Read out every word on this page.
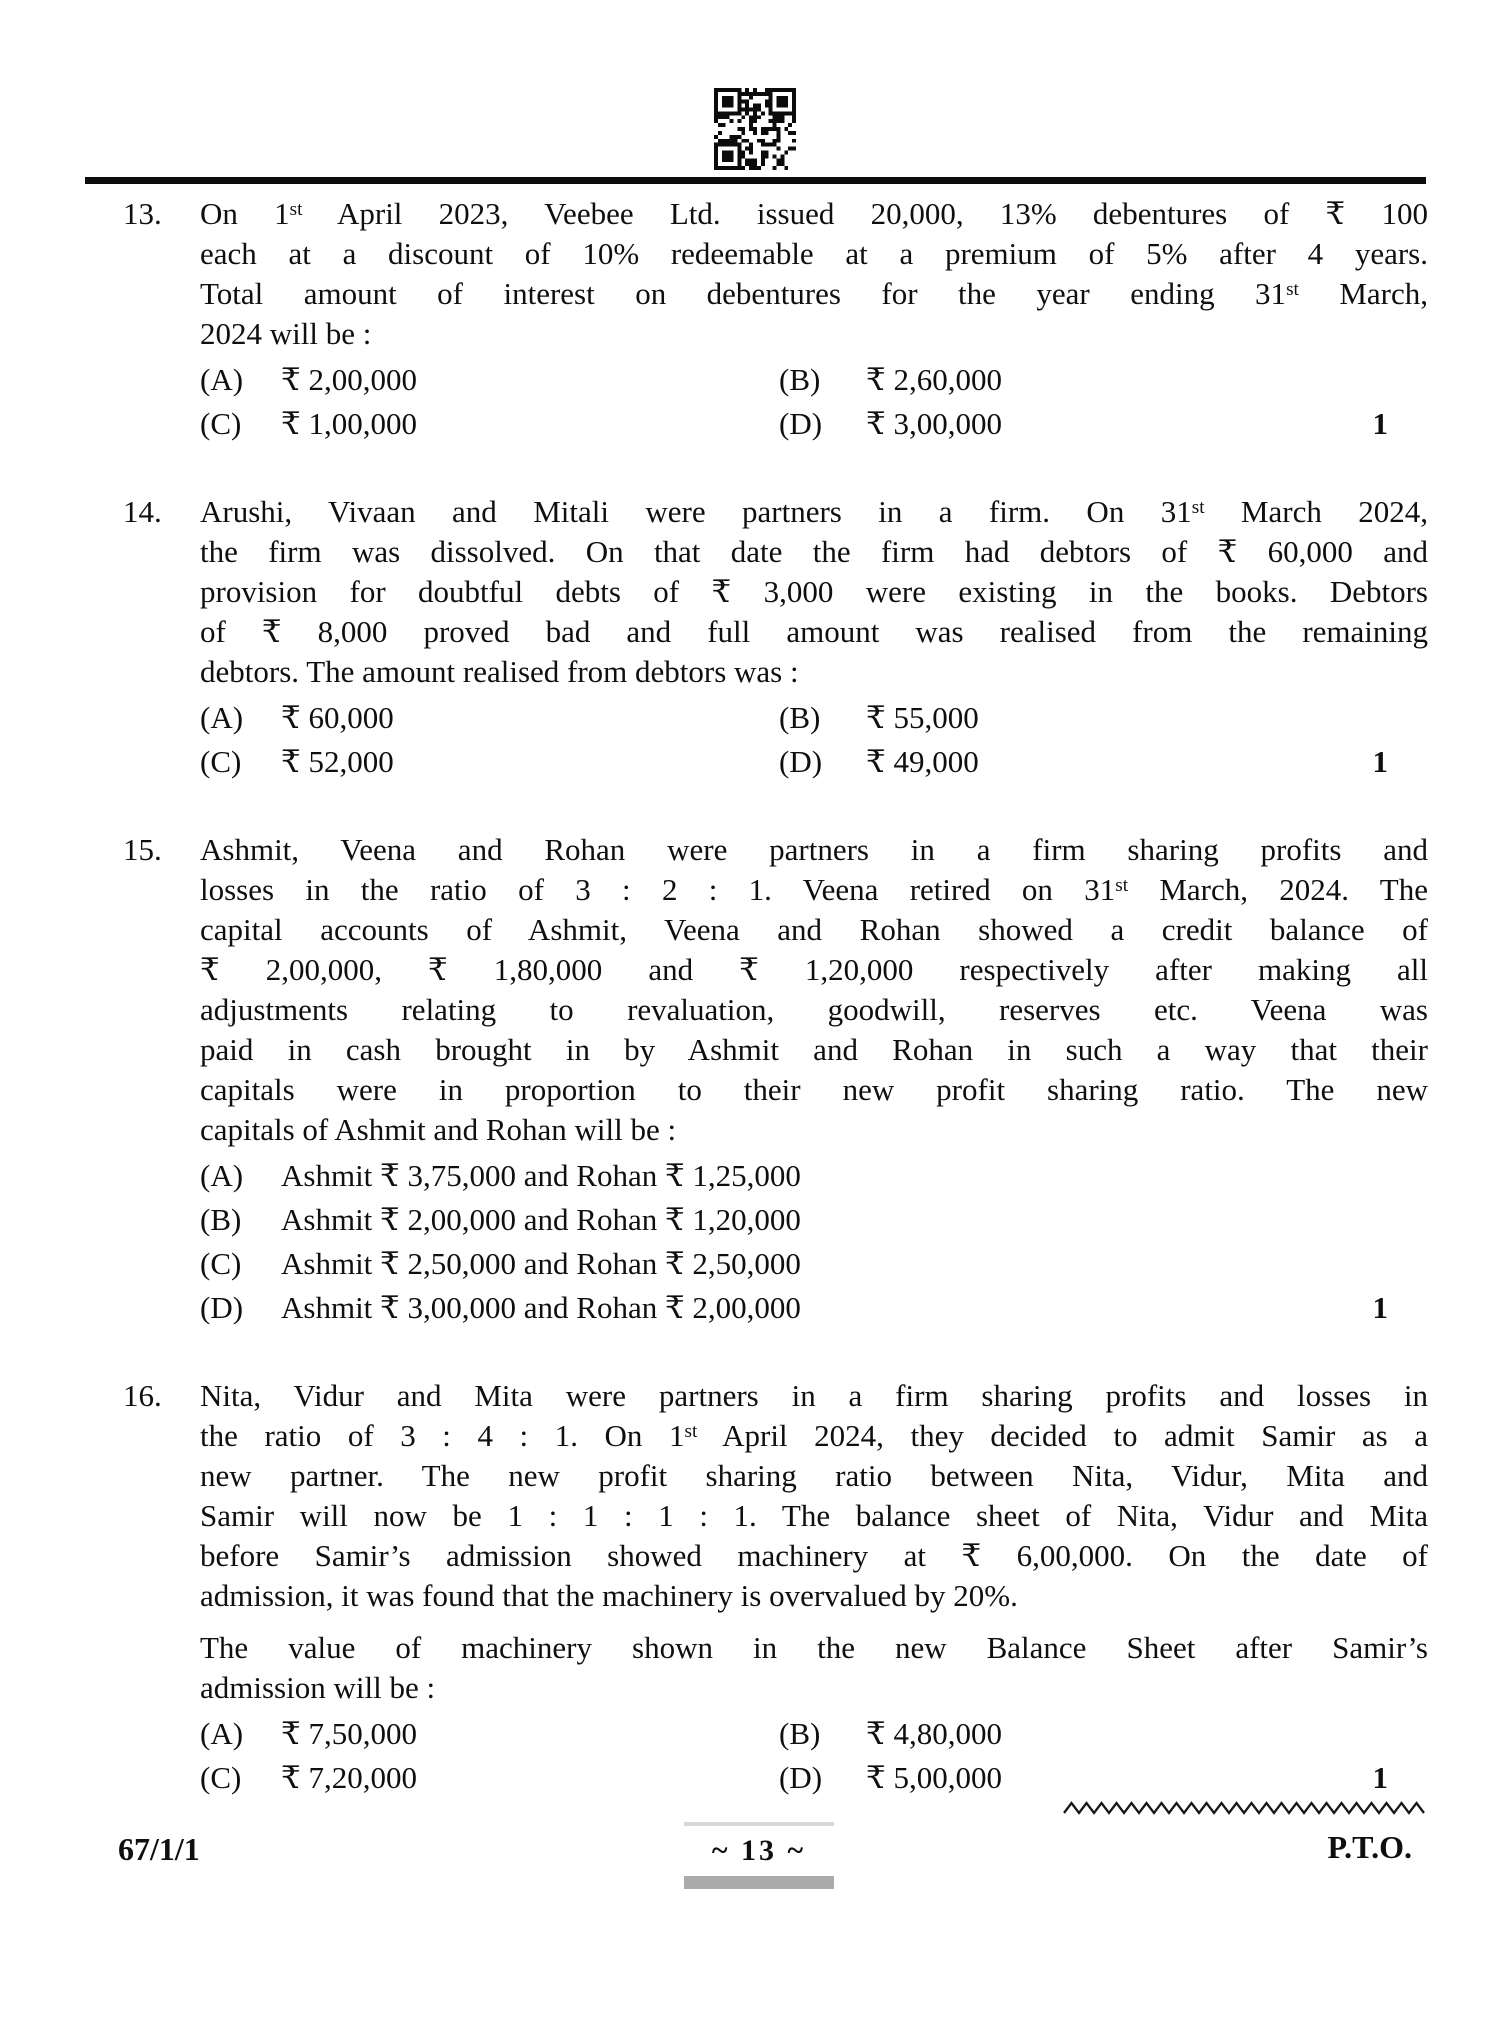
13.	On 1st April 2023, Veebee Ltd. issued 20,000, 13% debentures of ₹ 100
each at a discount of 10% redeemable at a premium of 5% after 4 years.
Total amount of interest on debentures for the year ending 31st March,
2024 will be :
(A)	₹ 2,00,000	(B)	₹ 2,60,000
(C)	₹ 1,00,000	(D)	₹ 3,00,000	1
14.	Arushi, Vivaan and Mitali were partners in a firm. On 31st March 2024,
the firm was dissolved. On that date the firm had debtors of ₹ 60,000 and
provision for doubtful debts of ₹ 3,000 were existing in the books. Debtors
of ₹ 8,000 proved bad and full amount was realised from the remaining
debtors. The amount realised from debtors was :
(A)	₹ 60,000	(B)	₹ 55,000
(C)	₹ 52,000	(D)	₹ 49,000	1
15.	Ashmit, Veena and Rohan were partners in a firm sharing profits and
losses in the ratio of 3 : 2 : 1. Veena retired on 31st March, 2024. The
capital accounts of Ashmit, Veena and Rohan showed a credit balance of
₹ 2,00,000, ₹ 1,80,000 and ₹ 1,20,000 respectively after making all
adjustments relating to revaluation, goodwill, reserves etc. Veena was
paid in cash brought in by Ashmit and Rohan in such a way that their
capitals were in proportion to their new profit sharing ratio. The new
capitals of Ashmit and Rohan will be :
(A)	Ashmit ₹ 3,75,000 and Rohan ₹ 1,25,000
(B)	Ashmit ₹ 2,00,000 and Rohan ₹ 1,20,000
(C)	Ashmit ₹ 2,50,000 and Rohan ₹ 2,50,000
(D)	Ashmit ₹ 3,00,000 and Rohan ₹ 2,00,000	1
16.	Nita, Vidur and Mita were partners in a firm sharing profits and losses in
the ratio of 3 : 4 : 1. On 1st April 2024, they decided to admit Samir as a
new partner. The new profit sharing ratio between Nita, Vidur, Mita and
Samir will now be 1 : 1 : 1 : 1. The balance sheet of Nita, Vidur and Mita
before Samir’s admission showed machinery at ₹ 6,00,000. On the date of
admission, it was found that the machinery is overvalued by 20%.
The value of machinery shown in the new Balance Sheet after Samir’s
admission will be :
(A)	₹ 7,50,000	(B)	₹ 4,80,000
(C)	₹ 7,20,000	(D)	₹ 5,00,000	1
67/1/1	~ 13 ~	P.T.O.
